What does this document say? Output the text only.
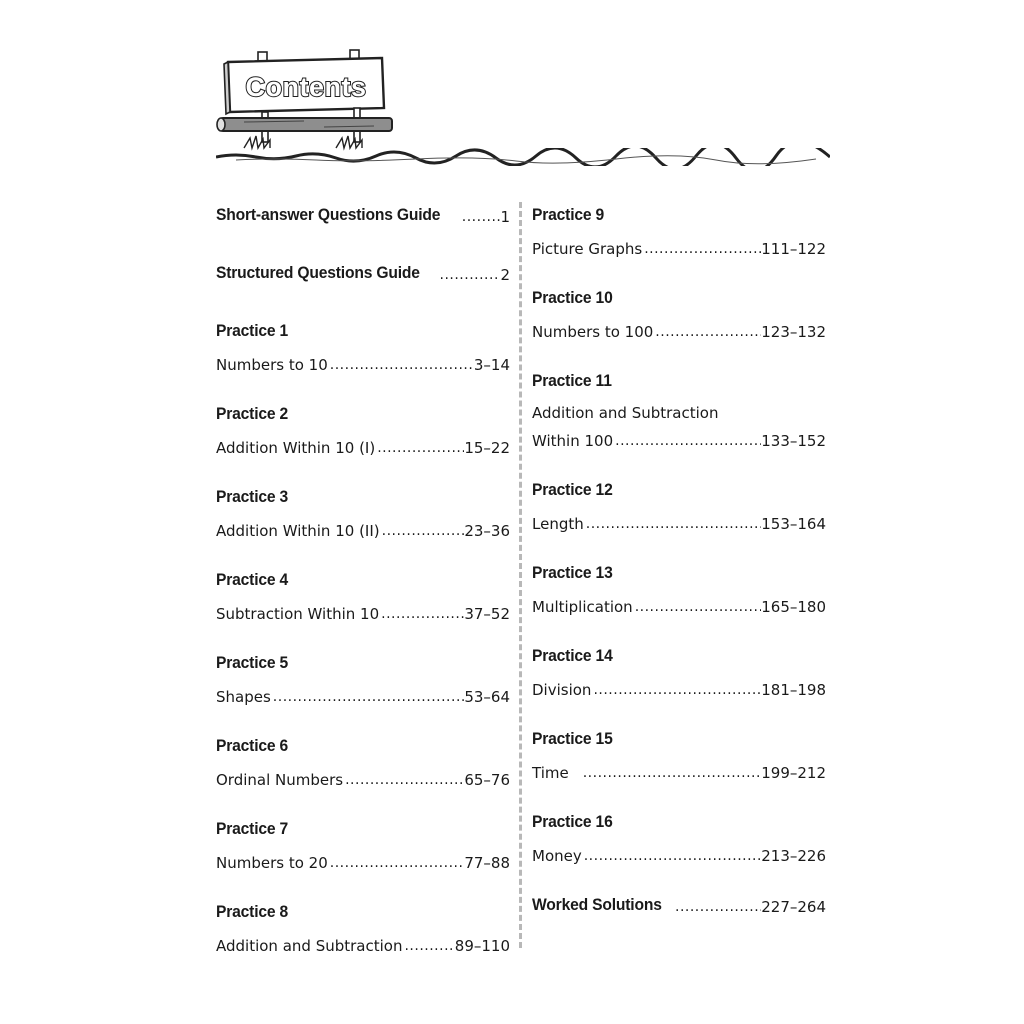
Contents
Short-answer Questions Guide .....	1
Structured Questions Guide .....	2
Practice 1
Numbers to 10 .....	3–14
Practice 2
Addition Within 10 (I) .....	15–22
Practice 3
Addition Within 10 (II) .....	23–36
Practice 4
Subtraction Within 10 .....	37–52
Practice 5
Shapes .....	53–64
Practice 6
Ordinal Numbers .....	65–76
Practice 7
Numbers to 20 .....	77–88
Practice 8
Addition and Subtraction .....	89–110
Practice 9
Picture Graphs .....	111–122
Practice 10
Numbers to 100 .....	123–132
Practice 11
Addition and Subtraction
Within 100 .....	133–152
Practice 12
Length .....	153–164
Practice 13
Multiplication .....	165–180
Practice 14
Division .....	181–198
Practice 15
Time .....	199–212
Practice 16
Money .....	213–226
Worked Solutions .....	227–264
